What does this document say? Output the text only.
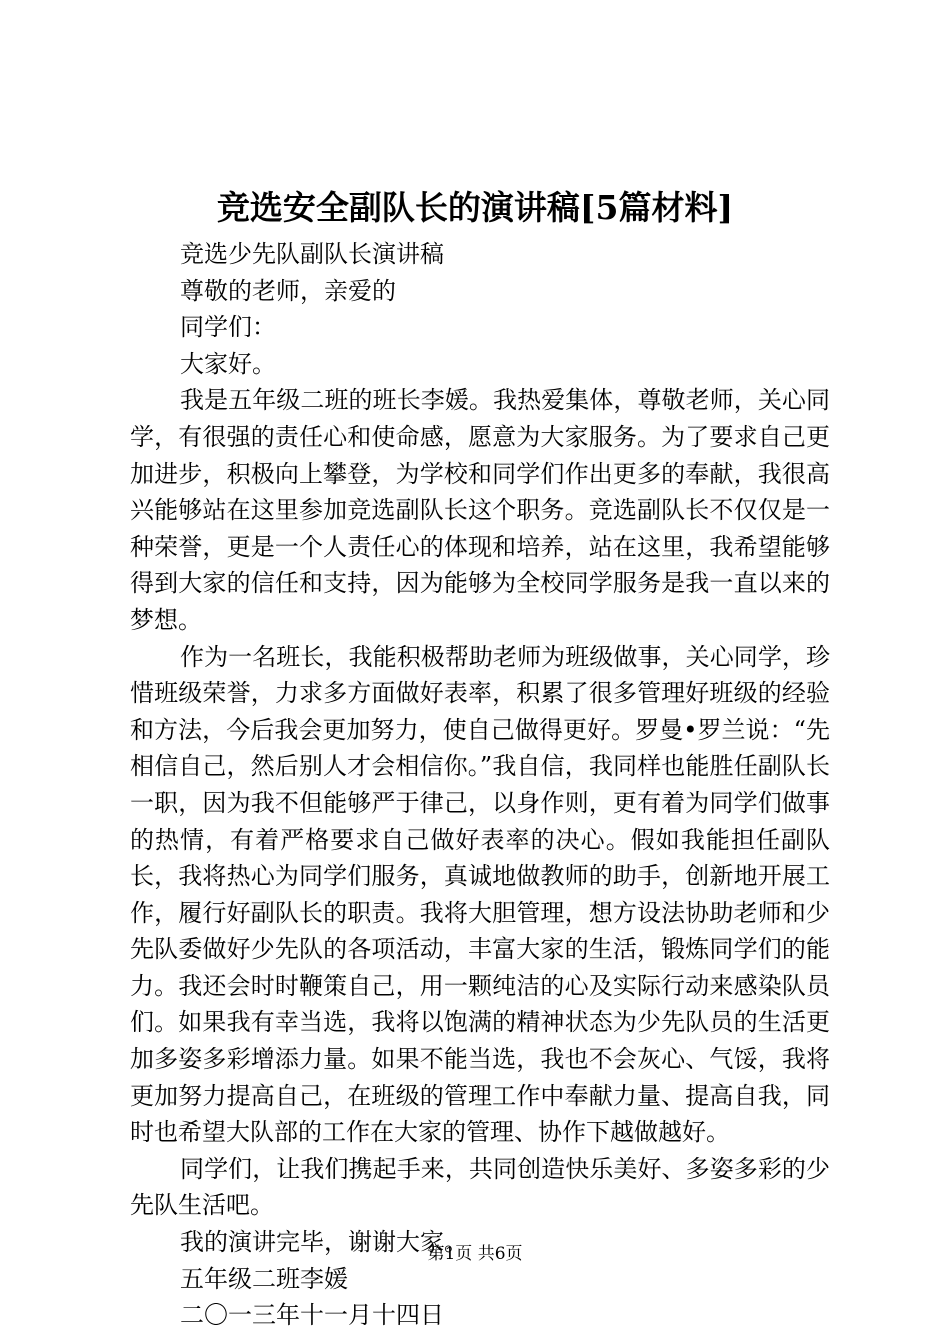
竞选安全副队长的演讲稿[5篇材料]

竞选少先队副队长演讲稿

尊敬的老师，亲爱的

同学们：

大家好。

我是五年级二班的班长李媛。我热爱集体，尊敬老师，关心同学，有很强的责任心和使命感，愿意为大家服务。为了要求自己更加进步，积极向上攀登，为学校和同学们作出更多的奉献，我很高兴能够站在这里参加竞选副队长这个职务。竞选副队长不仅仅是一种荣誉，更是一个人责任心的体现和培养，站在这里，我希望能够得到大家的信任和支持，因为能够为全校同学服务是我一直以来的梦想。

作为一名班长，我能积极帮助老师为班级做事，关心同学，珍惜班级荣誉，力求多方面做好表率，积累了很多管理好班级的经验和方法，今后我会更加努力，使自己做得更好。罗曼•罗兰说：“先相信自己，然后别人才会相信你。”我自信，我同样也能胜任副队长一职，因为我不但能够严于律己，以身作则，更有着为同学们做事的热情，有着严格要求自己做好表率的决心。假如我能担任副队长，我将热心为同学们服务，真诚地做教师的助手，创新地开展工作，履行好副队长的职责。我将大胆管理，想方设法协助老师和少先队委做好少先队的各项活动，丰富大家的生活，锻炼同学们的能力。我还会时时鞭策自己，用一颗纯洁的心及实际行动来感染队员们。如果我有幸当选，我将以饱满的精神状态为少先队员的生活更加多姿多彩增添力量。如果不能当选，我也不会灰心、气馁，我将更加努力提高自己，在班级的管理工作中奉献力量、提高自我，同时也希望大队部的工作在大家的管理、协作下越做越好。

同学们，让我们携起手来，共同创造快乐美好、多姿多彩的少先队生活吧。

我的演讲完毕，谢谢大家。

五年级二班李媛

二〇一三年十一月十四日

第1页 共6页
